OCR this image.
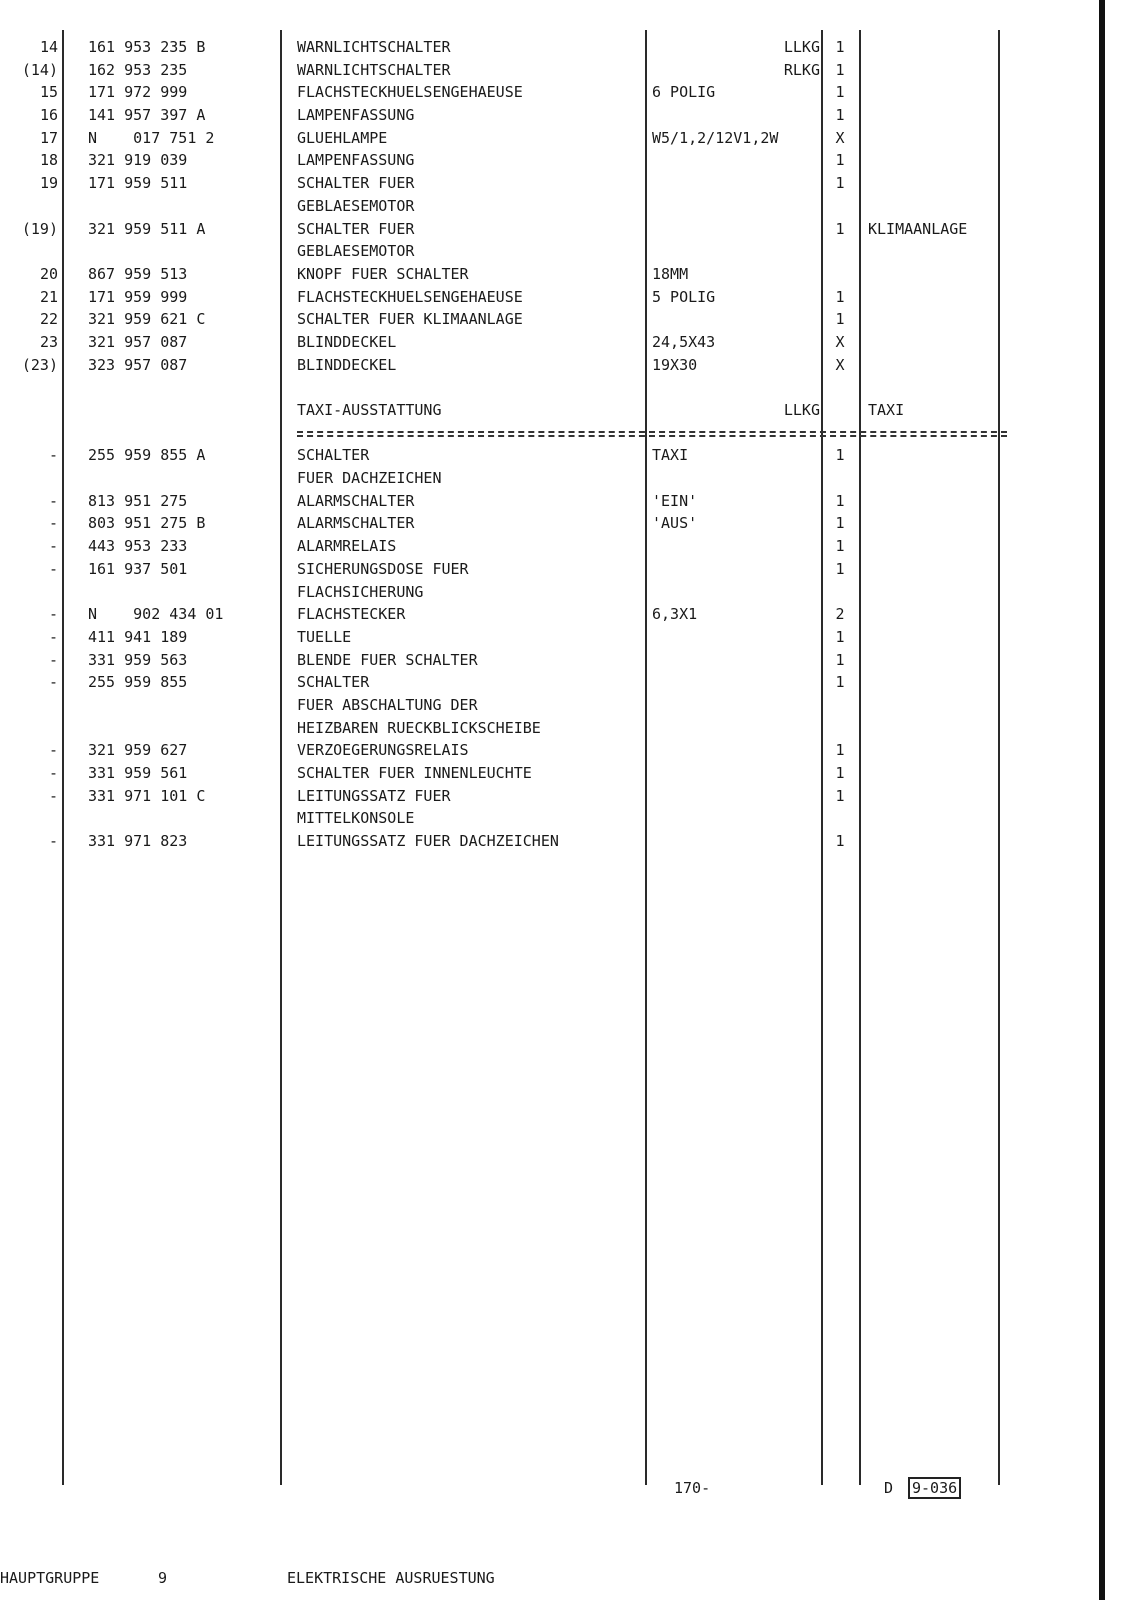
14 161 953 235 B	WARNLICHTSCHALTER	LLKG	1
(14) 162 953 235	WARNLICHTSCHALTER	RLKG	1
15 171 972 999	FLACHSTECKHUELSENGEHAEUSE	6 POLIG	1
16 141 957 397 A	LAMPENFASSUNG	1
17 N    017 751 2	GLUEHLAMPE	W5/1,2/12V1,2W	X
18 321 919 039	LAMPENFASSUNG	1
19 171 959 511	SCHALTER FUER	1
GEBLAESEMOTOR
(19) 321 959 511 A	SCHALTER FUER	1	KLIMAANLAGE
GEBLAESEMOTOR
20 867 959 513	KNOPF FUER SCHALTER	18MM
21 171 959 999	FLACHSTECKHUELSENGEHAEUSE	5 POLIG	1
22 321 959 621 C	SCHALTER FUER KLIMAANLAGE	1
23 321 957 087	BLINDDECKEL	24,5X43	X
(23) 323 957 087	BLINDDECKEL	19X30	X
TAXI-AUSSTATTUNG	LLKG	TAXI
- 255 959 855 A	SCHALTER	TAXI	1
FUER DACHZEICHEN
- 813 951 275	ALARMSCHALTER	'EIN'	1
- 803 951 275 B	ALARMSCHALTER	'AUS'	1
- 443 953 233	ALARMRELAIS	1
- 161 937 501	SICHERUNGSDOSE FUER	1
FLACHSICHERUNG
- N    902 434 01	FLACHSTECKER	6,3X1	2
- 411 941 189	TUELLE	1
- 331 959 563	BLENDE FUER SCHALTER	1
- 255 959 855	SCHALTER	1
FUER ABSCHALTUNG DER
HEIZBAREN RUECKBLICKSCHEIBE
- 321 959 627	VERZOEGERUNGSRELAIS	1
- 331 959 561	SCHALTER FUER INNENLEUCHTE	1
- 331 971 101 C	LEITUNGSSATZ FUER	1
MITTELKONSOLE
- 331 971 823	LEITUNGSSATZ FUER DACHZEICHEN	1
170-	D 9-036
HAUPTGRUPPE	9	ELEKTRISCHE AUSRUESTUNG
